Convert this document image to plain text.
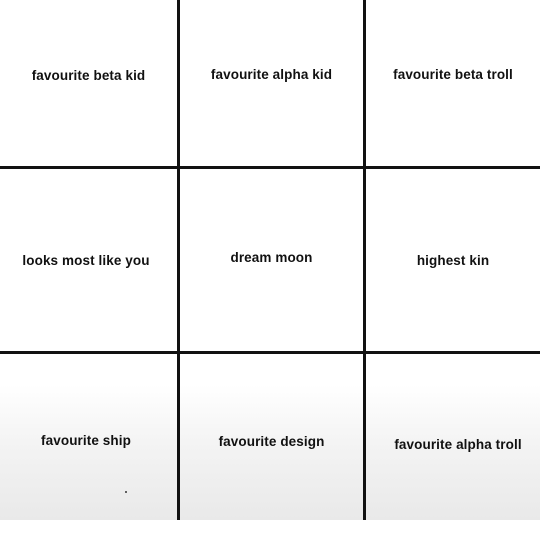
favourite beta kid	favourite alpha kid	favourite beta troll
looks most like you	dream moon	highest kin
favourite ship	favourite design	favourite alpha troll
